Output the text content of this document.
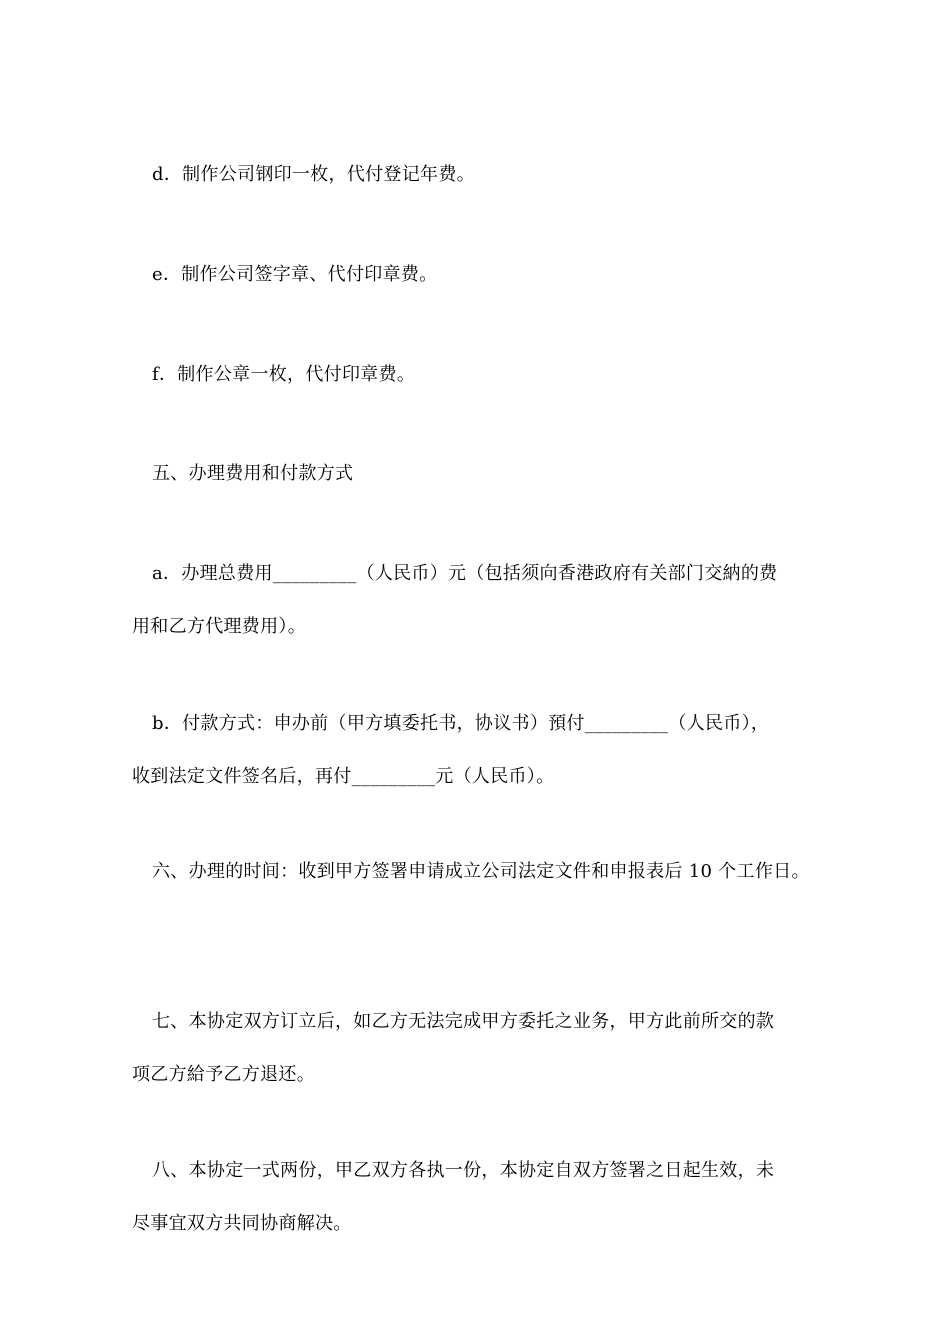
d．制作公司钢印一枚，代付登记年费。
e．制作公司签字章、代付印章费。
f．制作公章一枚，代付印章费。
五、办理费用和付款方式
a．办理总费用_________（人民币）元（包括须向香港政府有关部门交納的费
用和乙方代理费用）。
b．付款方式：申办前（甲方填委托书，协议书）預付_________（人民币），
收到法定文件签名后，再付_________元（人民币）。
六、办理的时间：收到甲方签署申请成立公司法定文件和申报表后 10 个工作日。
七、本协定双方订立后，如乙方无法完成甲方委托之业务，甲方此前所交的款
项乙方給予乙方退还。
八、本协定一式两份，甲乙双方各执一份，本协定自双方签署之日起生效，未
尽事宜双方共同协商解决。
